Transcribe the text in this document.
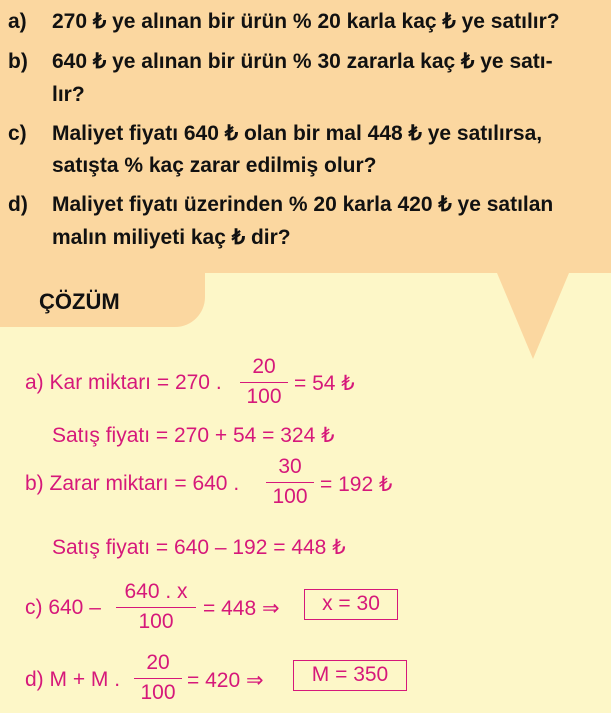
a) 270 ₺ ye alınan bir ürün % 20 karla kaç ₺ ye satılır?
b) 640 ₺ ye alınan bir ürün % 30 zararla kaç ₺ ye satı-
lır?
c) Maliyet fiyatı 640 ₺ olan bir mal 448 ₺ ye satılırsa,
satışta % kaç zarar edilmiş olur?
d) Maliyet fiyatı üzerinden % 20 karla 420 ₺ ye satılan
malın miliyeti kaç ₺ dir?
ÇÖZÜM
a) Kar miktarı = 270 .
20
100
= 54 ₺
Satış fiyatı = 270 + 54 = 324 ₺
b) Zarar miktarı = 640 .
30
100
= 192 ₺
Satış fiyatı = 640 – 192 = 448 ₺
c) 640 –
640 . x
100
= 448 ⇒	x = 30
d) M + M .
20
100
= 420 ⇒	M = 350
